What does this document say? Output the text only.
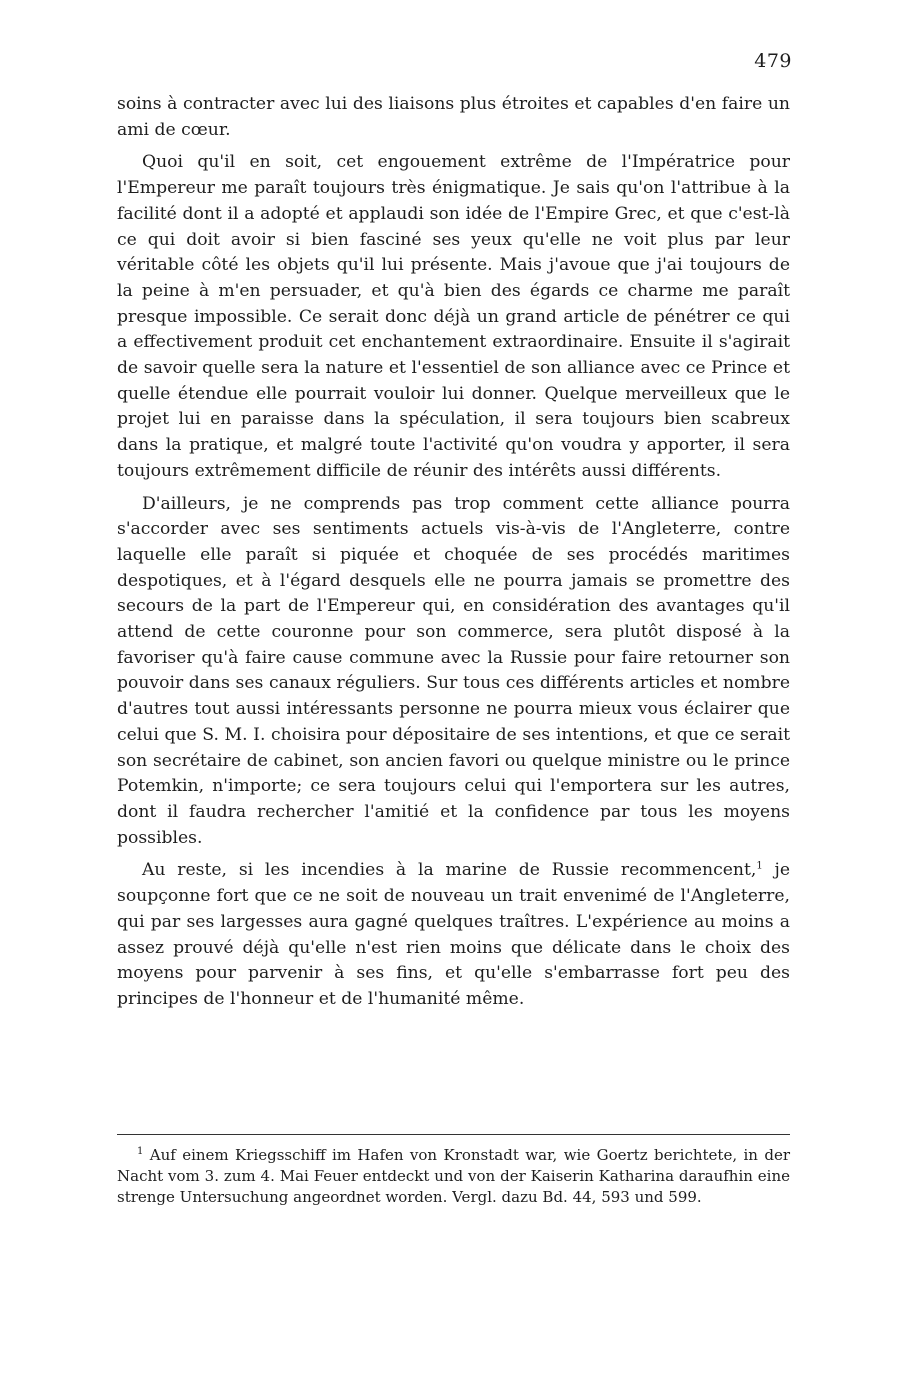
479

soins à contracter avec lui des liaisons plus étroites et capables d'en faire un ami de cœur.

Quoi qu'il en soit, cet engouement extrême de l'Impératrice pour l'Empereur me paraît toujours très énigmatique. Je sais qu'on l'attribue à la facilité dont il a adopté et applaudi son idée de l'Empire Grec, et que c'est-là ce qui doit avoir si bien fasciné ses yeux qu'elle ne voit plus par leur véritable côté les objets qu'il lui présente. Mais j'avoue que j'ai toujours de la peine à m'en persuader, et qu'à bien des égards ce charme me paraît presque impossible. Ce serait donc déjà un grand article de pénétrer ce qui a effectivement produit cet enchantement extraordinaire. Ensuite il s'agirait de savoir quelle sera la nature et l'essentiel de son alliance avec ce Prince et quelle étendue elle pourrait vouloir lui donner. Quelque merveilleux que le projet lui en paraisse dans la spéculation, il sera toujours bien scabreux dans la pratique, et malgré toute l'activité qu'on voudra y apporter, il sera toujours extrêmement difficile de réunir des intérêts aussi différents.

D'ailleurs, je ne comprends pas trop comment cette alliance pourra s'accorder avec ses sentiments actuels vis-à-vis de l'Angleterre, contre laquelle elle paraît si piquée et choquée de ses procédés maritimes despotiques, et à l'égard desquels elle ne pourra jamais se promettre des secours de la part de l'Empereur qui, en considération des avantages qu'il attend de cette couronne pour son commerce, sera plutôt disposé à la favoriser qu'à faire cause commune avec la Russie pour faire retourner son pouvoir dans ses canaux réguliers. Sur tous ces différents articles et nombre d'autres tout aussi intéressants personne ne pourra mieux vous éclairer que celui que S. M. I. choisira pour dépositaire de ses intentions, et que ce serait son secrétaire de cabinet, son ancien favori ou quelque ministre ou le prince Potemkin, n'importe; ce sera toujours celui qui l'emportera sur les autres, dont il faudra rechercher l'amitié et la confidence par tous les moyens possibles.

Au reste, si les incendies à la marine de Russie recommencent,$^1$ je soupçonne fort que ce ne soit de nouveau un trait envenimé de l'Angleterre, qui par ses largesses aura gagné quelques traîtres. L'expérience au moins a assez prouvé déjà qu'elle n'est rien moins que délicate dans le choix des moyens pour parvenir à ses fins, et qu'elle s'embarrasse fort peu des principes de l'honneur et de l'humanité même.

$^1$ Auf einem Kriegsschiff im Hafen von Kronstadt war, wie Goertz berichtete, in der Nacht vom 3. zum 4. Mai Feuer entdeckt und von der Kaiserin Katharina daraufhin eine strenge Untersuchung angeordnet worden. Vergl. dazu Bd. 44, 593 und 599.
